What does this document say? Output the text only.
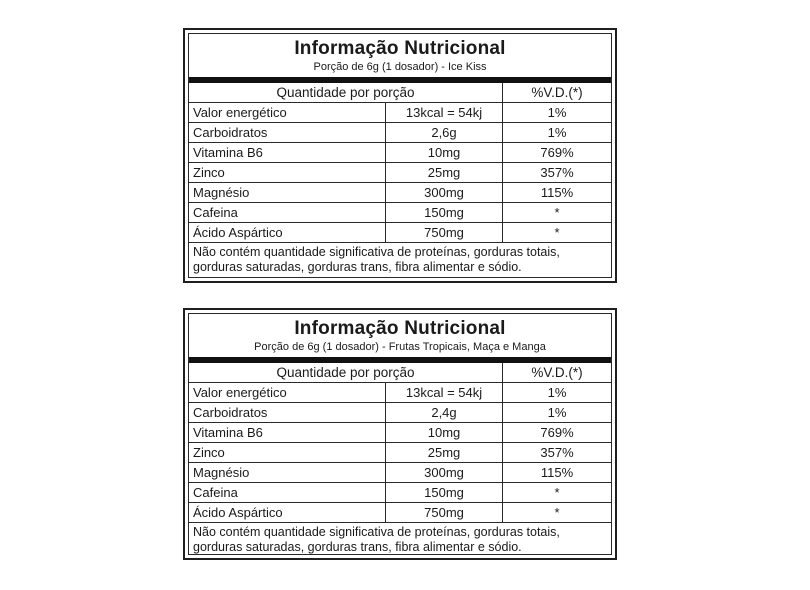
Informação Nutricional

Porção de 6g (1 dosador) - Ice Kiss

Quantidade por porção	%V.D.(*)
Valor energético	13kcal = 54kj	1%
Carboidratos	2,6g	1%
Vitamina B6	10mg	769%
Zinco	25mg	357%
Magnésio	300mg	115%
Cafeina	150mg	*
Ácido Aspártico	750mg	*
Não contém quantidade significativa de proteínas, gorduras totais, gorduras saturadas, gorduras trans, fibra alimentar e sódio.
Informação Nutricional

Porção de 6g (1 dosador) - Frutas Tropicais, Maça e Manga

Quantidade por porção	%V.D.(*)
Valor energético	13kcal = 54kj	1%
Carboidratos	2,4g	1%
Vitamina B6	10mg	769%
Zinco	25mg	357%
Magnésio	300mg	115%
Cafeina	150mg	*
Ácido Aspártico	750mg	*
Não contém quantidade significativa de proteínas, gorduras totais, gorduras saturadas, gorduras trans, fibra alimentar e sódio.
